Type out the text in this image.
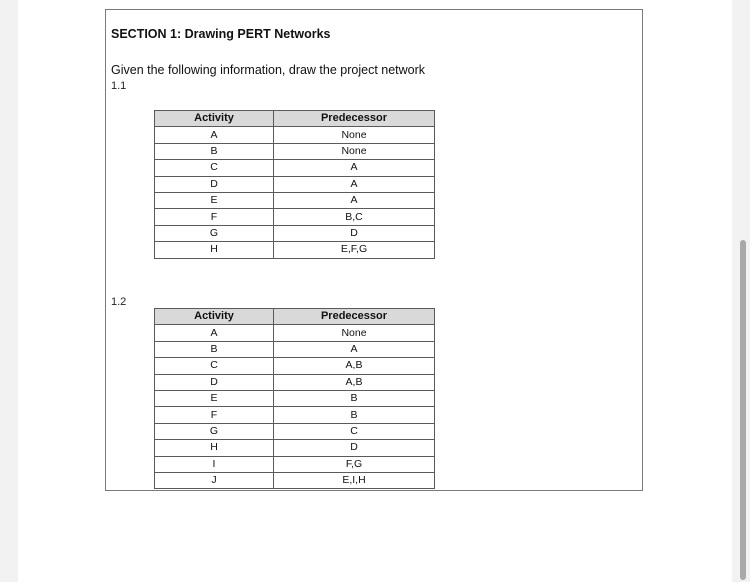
SECTION 1: Drawing PERT Networks
Given the following information, draw the project network
1.1
Activity	Predecessor
A	None
B	None
C	A
D	A
E	A
F	B,C
G	D
H	E,F,G
1.2
Activity	Predecessor
A	None
B	A
C	A,B
D	A,B
E	B
F	B
G	C
H	D
I	F,G
J	E,I,H
